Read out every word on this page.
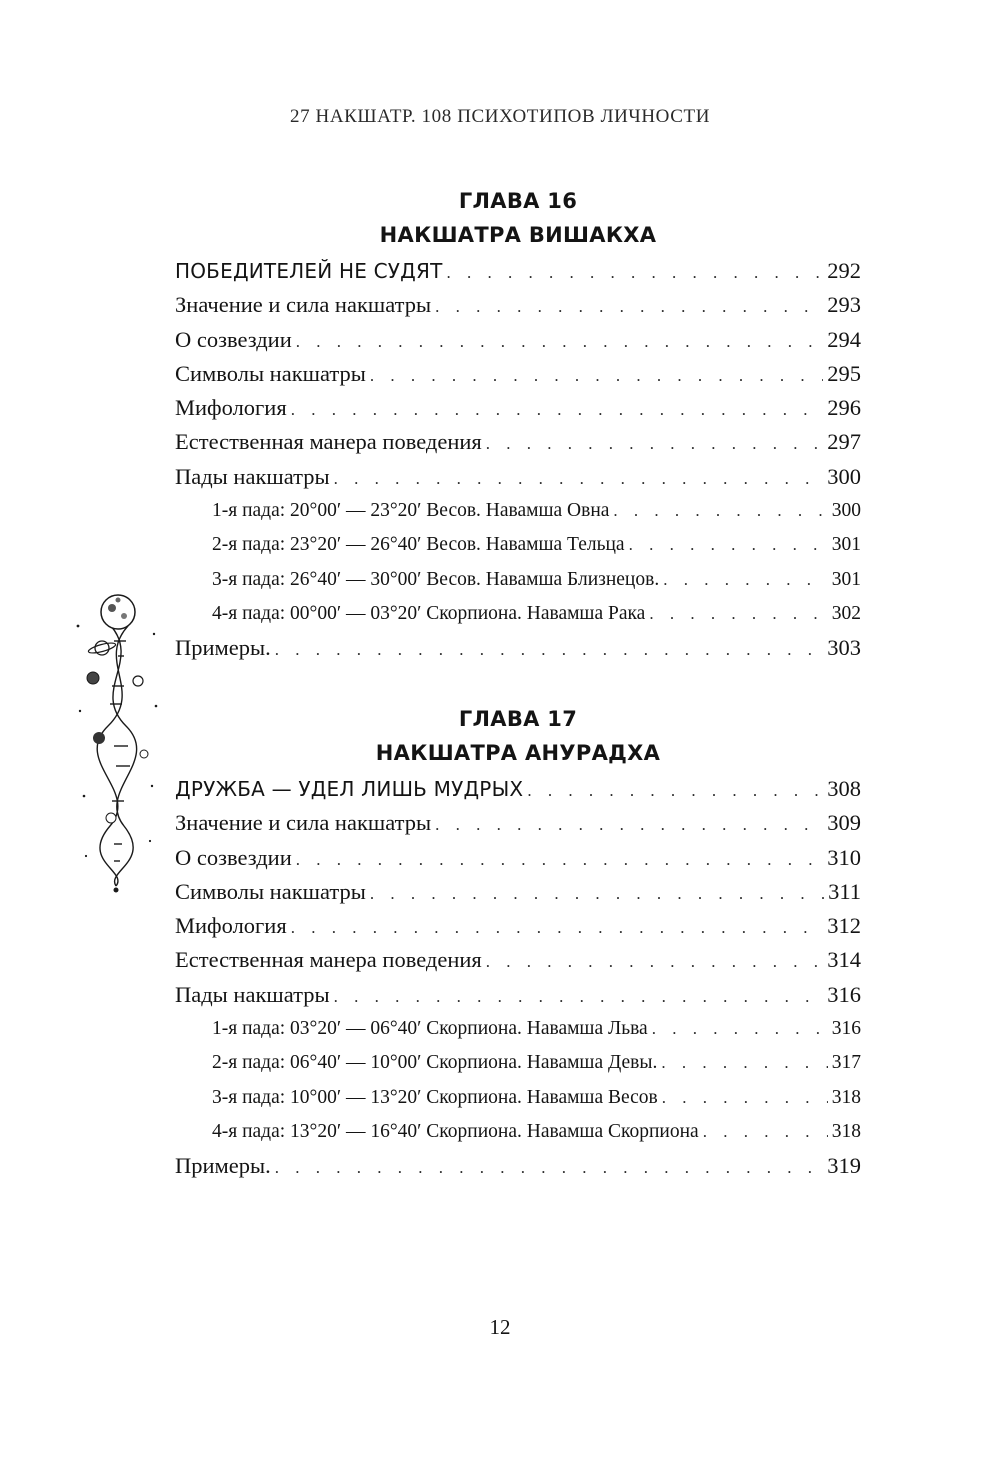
27 НАКШАТР. 108 ПСИХОТИПОВ ЛИЧНОСТИ
ГЛАВА 16
НАКШАТРА ВИШАКХА
ПОБЕДИТЕЛЕЙ НЕ СУДЯТ . . .	292
Значение и сила накшатры . . .	293
О созвездии . . .	294
Символы накшатры . . .	295
Мифология . . .	296
Естественная манера поведения . . .	297
Пады накшатры . . .	300
1-я пада: 20°00′ — 23°20′ Весов. Навамша Овна . . .	300
2-я пада: 23°20′ — 26°40′ Весов. Навамша Тельца . . .	301
3-я пада: 26°40′ — 30°00′ Весов. Навамша Близнецов. . . .	301
4-я пада: 00°00′ — 03°20′ Скорпиона. Навамша Рака . . .	302
Примеры. . . .	303
ГЛАВА 17
НАКШАТРА АНУРАДХА
ДРУЖБА — УДЕЛ ЛИШЬ МУДРЫХ . . .	308
Значение и сила накшатры . . .	309
О созвездии . . .	310
Символы накшатры . . .	311
Мифология . . .	312
Естественная манера поведения . . .	314
Пады накшатры . . .	316
1-я пада: 03°20′ — 06°40′ Скорпиона. Навамша Льва . . .	316
2-я пада: 06°40′ — 10°00′ Скорпиона. Навамша Девы. . . .	317
3-я пада: 10°00′ — 13°20′ Скорпиона. Навамша Весов . . .	318
4-я пада: 13°20′ — 16°40′ Скорпиона. Навамша Скорпиона . . .	318
Примеры. . . .	319
12
